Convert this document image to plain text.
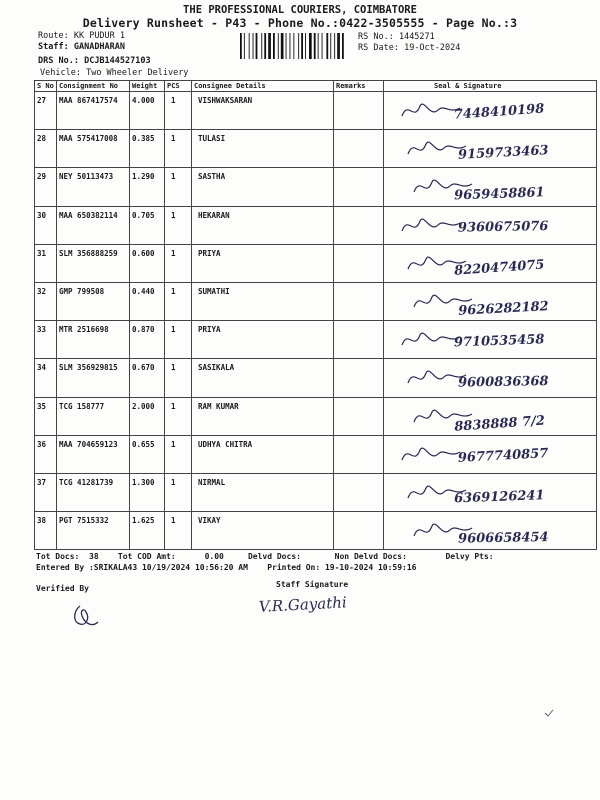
THE PROFESSIONAL COURIERS, COIMBATORE
Delivery Runsheet - P43 - Phone No.:0422-3505555 - Page No.:3
Route: KK PUDUR 1
Staff: GANADHARAN
DRS No.: DCJB144527103
Vehicle: Two Wheeler Delivery
RS No.: 1445271
RS Date: 19-Oct-2024
S No	Consignment No	Weight	PCS	Consignee Details	Remarks	Seal & Signature
27	MAA 867417574	4.000	1	VISHWAKSARAN		7448410198

28	MAA 575417008	0.385	1	TULASI		9159733463

29	NEY 50113473	1.290	1	SASTHA		9659458861

30	MAA 650382114	0.705	1	HEKARAN		9360675076

31	SLM 356888259	0.600	1	PRIYA		8220474075

32	GMP 799508	0.440	1	SUMATHI		9626282182

33	MTR 2516698	0.870	1	PRIYA		9710535458

34	SLM 356929815	0.670	1	SASIKALA		9600836368

35	TCG 158777	2.000	1	RAM KUMAR		8838888 7/2

36	MAA 704659123	0.655	1	UDHYA CHITRA		9677740857

37	TCG 41281739	1.300	1	NIRMAL		6369126241

38	PGT 7515332	1.625	1	VIKAY		9606658454
Tot Docs: 38 Tot COD Amt:	0.00	Delvd Docs:	Non Delvd Docs:	Delvy Pts:
Entered By :SRIKALA43 10/19/2024 10:56:20 AM Printed On: 19-10-2024 10:59:16
Verified By	Staff Signature
V.R.Gayathi
